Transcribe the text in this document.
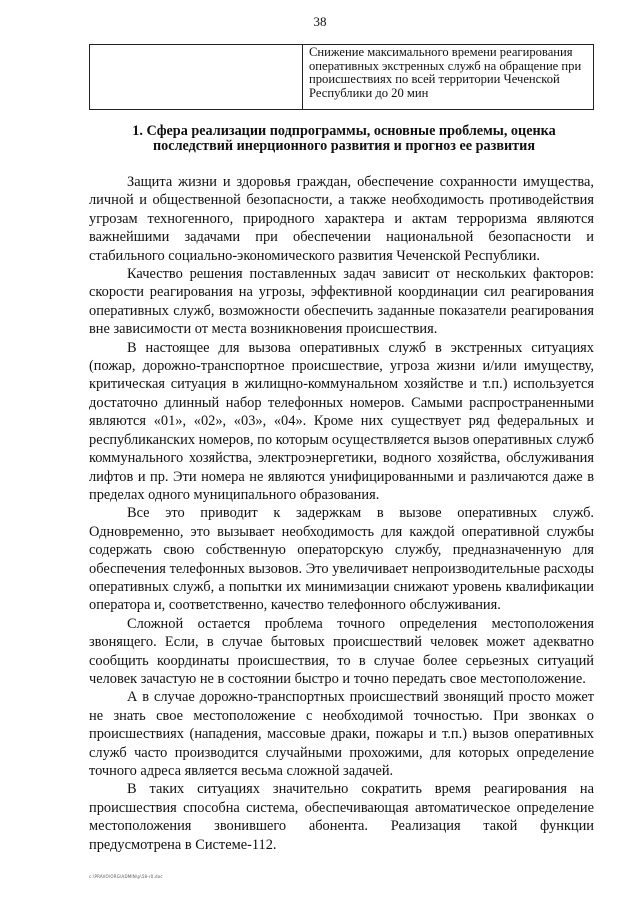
38
	Снижение максимального времени реагирования оперативных экстренных служб на обращение при происшествиях по всей территории Чеченской Республики до 20 мин
1. Сфера реализации подпрограммы, основные проблемы, оценка последствий инерционного развития и прогноз ее развития

Защита жизни и здоровья граждан, обеспечение сохранности имущества, личной и общественной безопасности, а также необходимость противодействия угрозам техногенного, природного характера и актам терроризма являются важнейшими задачами при обеспечении национальной безопасности и стабильного социально-экономического развития Чеченской Республики.

Качество решения поставленных задач зависит от нескольких факторов: скорости реагирования на угрозы, эффективной координации сил реагирования оперативных служб, возможности обеспечить заданные показатели реагирования вне зависимости от места возникновения происшествия.

В настоящее для вызова оперативных служб в экстренных ситуациях (пожар, дорожно-транспортное происшествие, угроза жизни и/или имуществу, критическая ситуация в жилищно-коммунальном хозяйстве и т.п.) используется достаточно длинный набор телефонных номеров. Самыми распространенными являются «01», «02», «03», «04». Кроме них существует ряд федеральных и республиканских номеров, по которым осуществляется вызов оперативных служб коммунального хозяйства, электроэнергетики, водного хозяйства, обслуживания лифтов и пр. Эти номера не являются унифицированными и различаются даже в пределах одного муниципального образования.

Все это приводит к задержкам в вызове оперативных служб. Одновременно, это вызывает необходимость для каждой оперативной службы содержать свою собственную операторскую службу, предназначенную для обеспечения телефонных вызовов. Это увеличивает непроизводительные расходы оперативных служб, а попытки их минимизации снижают уровень квалификации оператора и, соответственно, качество телефонного обслуживания.

Сложной остается проблема точного определения местоположения звонящего. Если, в случае бытовых происшествий человек может адекватно сообщить координаты происшествия, то в случае более серьезных ситуаций человек зачастую не в состоянии быстро и точно передать свое местоположение.

А в случае дорожно-транспортных происшествий звонящий просто может не знать свое местоположение с необходимой точностью. При звонках о происшествиях (нападения, массовые драки, пожары и т.п.) вызов оперативных служб часто производится случайными прохожими, для которых определение точного адреса является весьма сложной задачей.

В таких ситуациях значительно сократить время реагирования на происшествия способна система, обеспечивающая автоматическое определение местоположения звонившего абонента. Реализация такой функции предусмотрена в Системе-112.

c:\PRAVO\ORG\ADMIN\p\58-r0.doc
